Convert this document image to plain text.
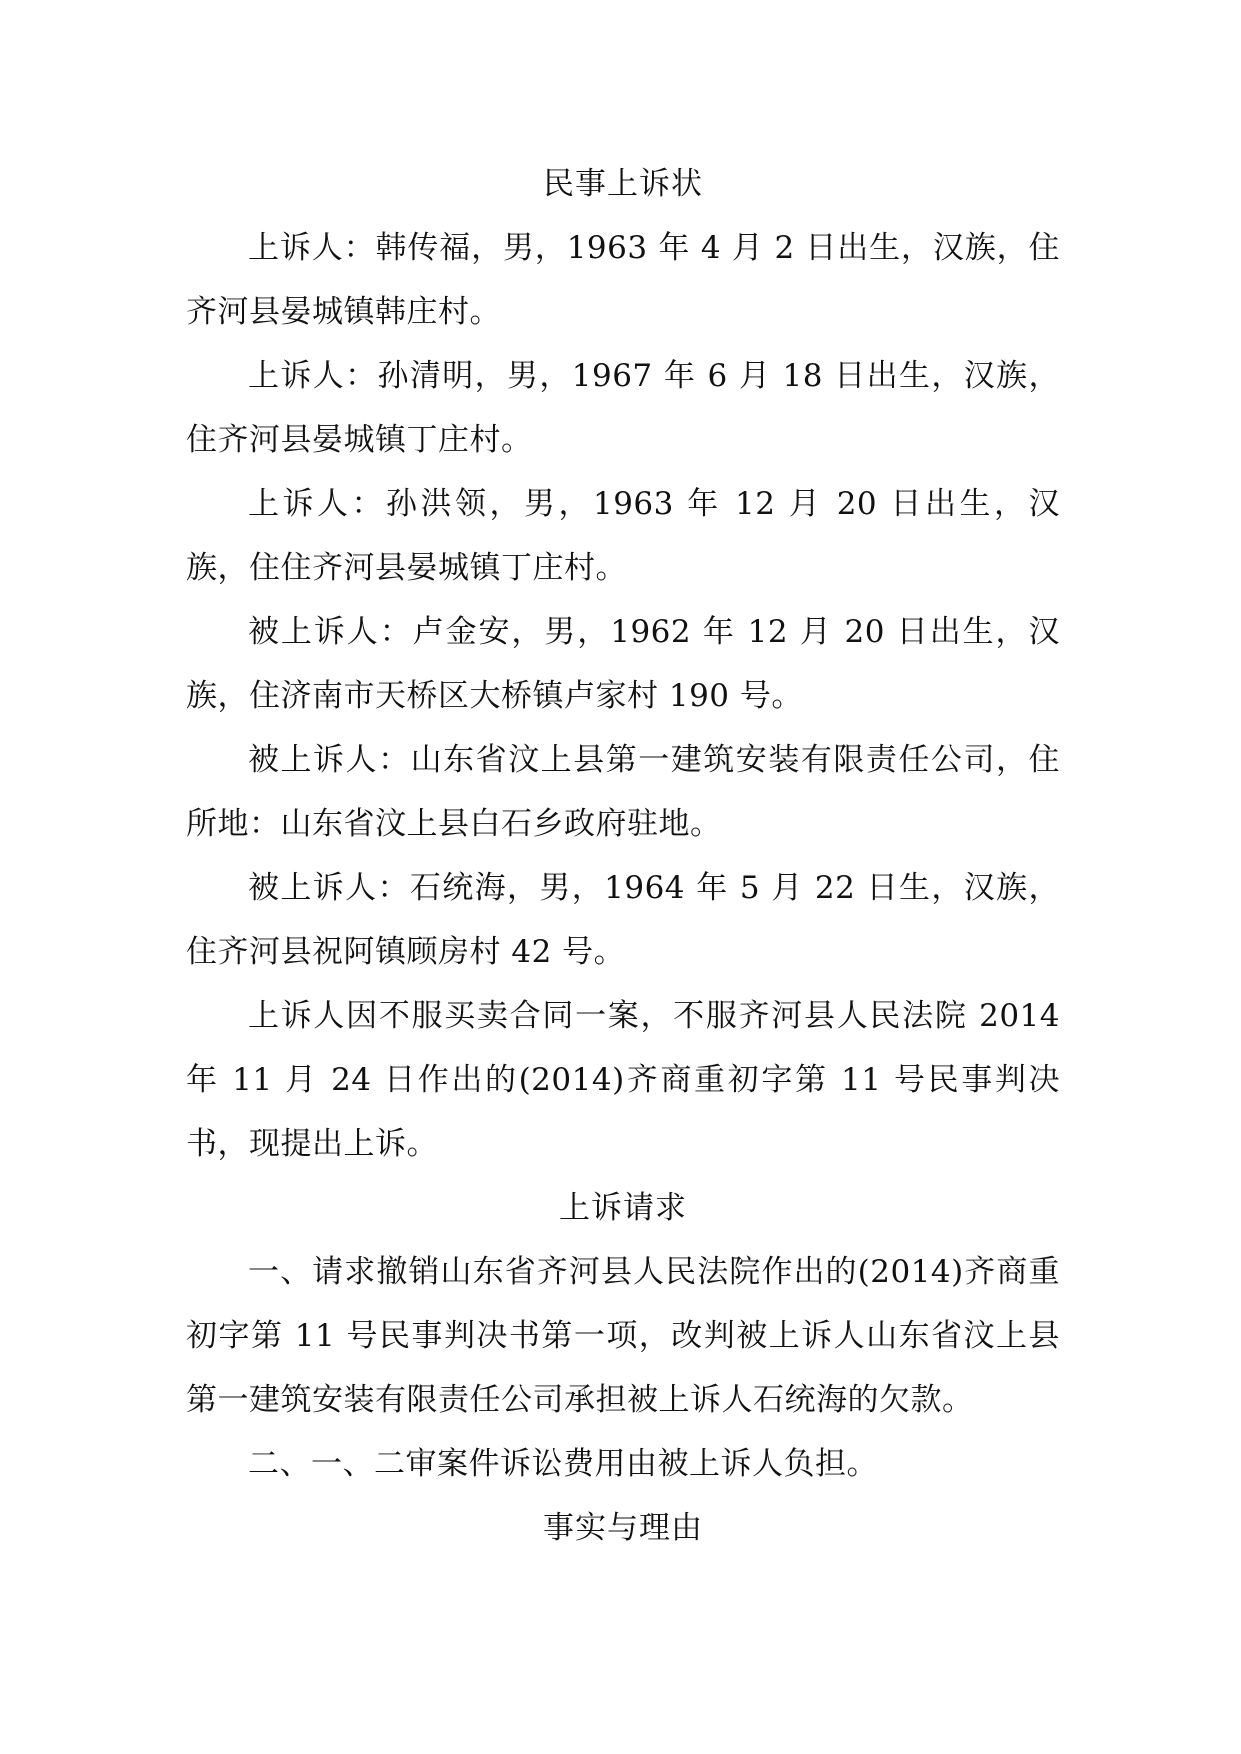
民事上诉状

上诉人：韩传福，男，1963 年 4 月 2 日出生，汉族，住齐河县晏城镇韩庄村。

上诉人：孙清明，男，1967 年 6 月 18 日出生，汉族，住齐河县晏城镇丁庄村。

上诉人：孙洪领，男，1963 年 12 月 20 日出生，汉族，住住齐河县晏城镇丁庄村。

被上诉人：卢金安，男，1962 年 12 月 20 日出生，汉族，住济南市天桥区大桥镇卢家村 190 号。

被上诉人：山东省汶上县第一建筑安装有限责任公司，住所地：山东省汶上县白石乡政府驻地。

被上诉人：石统海，男，1964 年 5 月 22 日生，汉族，住齐河县祝阿镇顾房村 42 号。

上诉人因不服买卖合同一案，不服齐河县人民法院 2014 年 11 月 24 日作出的(2014)齐商重初字第 11 号民事判决书，现提出上诉。

上诉请求

一、请求撤销山东省齐河县人民法院作出的(2014)齐商重初字第 11 号民事判决书第一项，改判被上诉人山东省汶上县第一建筑安装有限责任公司承担被上诉人石统海的欠款。

二、一、二审案件诉讼费用由被上诉人负担。

事实与理由
